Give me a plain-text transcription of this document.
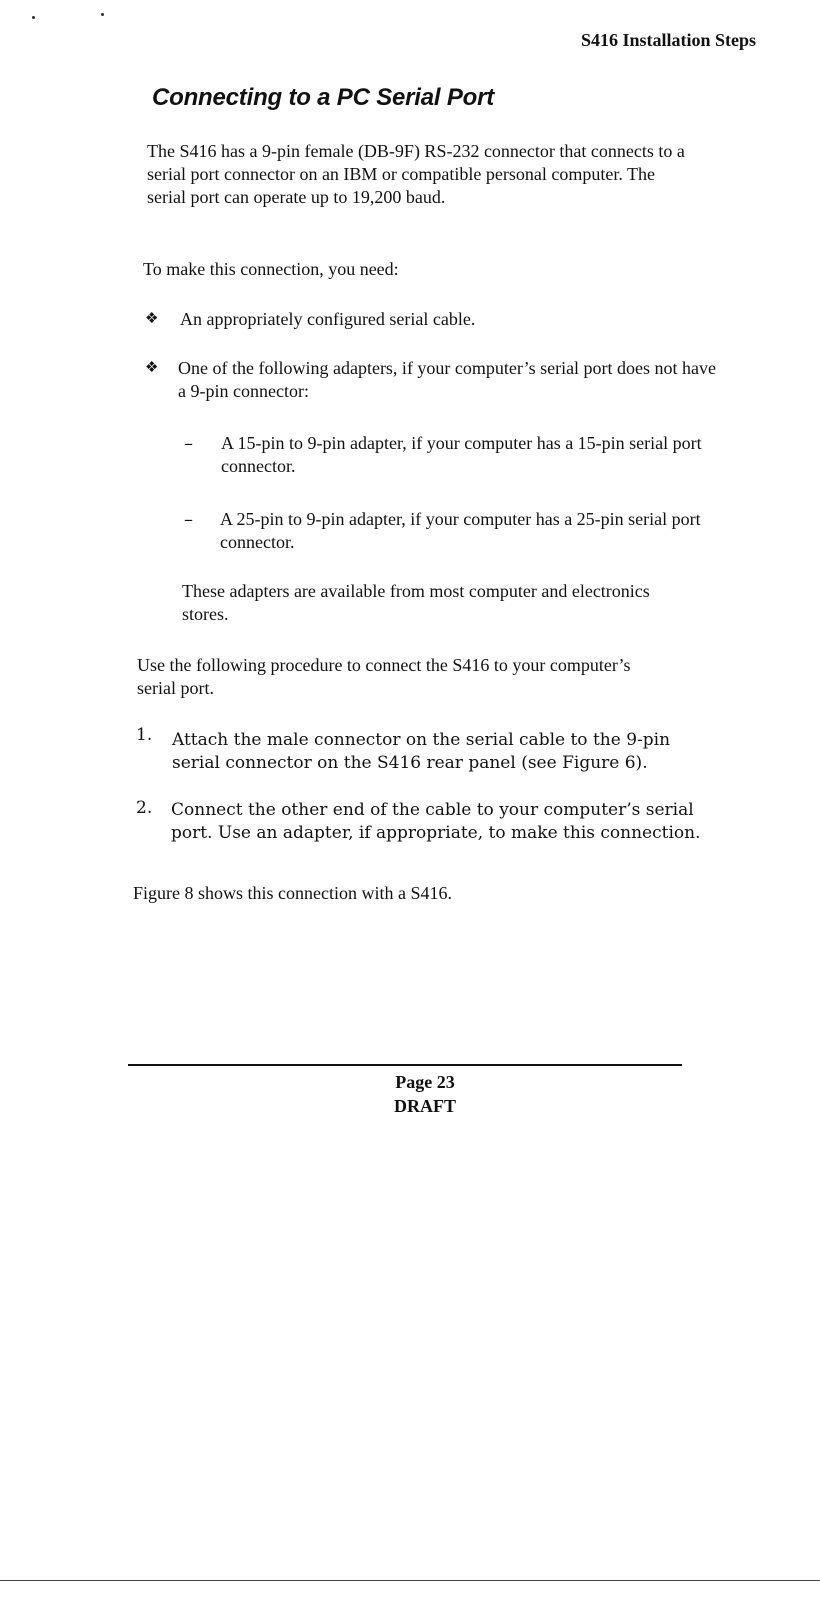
S416 Installation Steps
Connecting to a PC Serial Port

The S416 has a 9-pin female (DB-9F) RS-232 connector that connects to a serial port connector on an IBM or compatible personal computer. The serial port can operate up to 19,200 baud.

To make this connection, you need:

❖ An appropriately configured serial cable.

❖ One of the following adapters, if your computer’s serial port does not have a 9-pin connector:

– A 15-pin to 9-pin adapter, if your computer has a 15-pin serial port connector.

– A 25-pin to 9-pin adapter, if your computer has a 25-pin serial port connector.

These adapters are available from most computer and electronics stores.

Use the following procedure to connect the S416 to your computer’s serial port.

1. Attach the male connector on the serial cable to the 9-pin serial connector on the S416 rear panel (see Figure 6).

2. Connect the other end of the cable to your computer’s serial port. Use an adapter, if appropriate, to make this connection.

Figure 8 shows this connection with a S416.

Page 23

DRAFT
